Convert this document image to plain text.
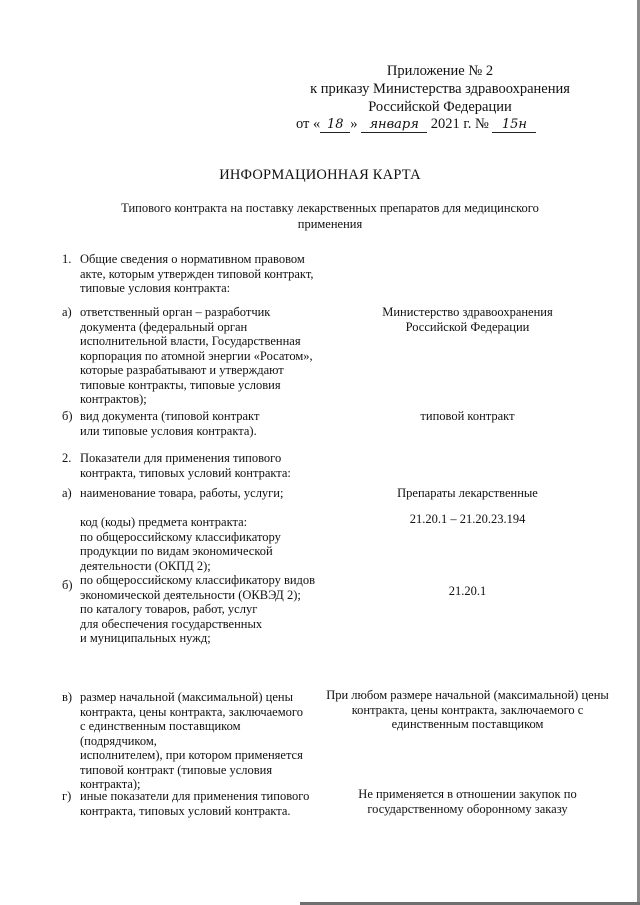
Приложение № 2
к приказу Министерства здравоохранения
Российской Федерации
от « 18 » января 2021 г. № 15н
ИНФОРМАЦИОННАЯ КАРТА
Типового контракта на поставку лекарственных препаратов для медицинского применения
1. Общие сведения о нормативном правовом
акте, которым утвержден типовой контракт,
типовые условия контракта:
а) ответственный орган – разработчик
документа (федеральный орган
исполнительной власти, Государственная
корпорация по атомной энергии «Росатом»,
которые разрабатывают и утверждают
типовые контракты, типовые условия
контрактов);
Министерство здравоохранения
Российской Федерации
б) вид документа (типовой контракт
или типовые условия контракта).
типовой контракт
2. Показатели для применения типового
контракта, типовых условий контракта:
а) наименование товара, работы, услуги;	Препараты лекарственные
б)
код (коды) предмета контракта:
по общероссийскому классификатору
продукции по видам экономической
деятельности (ОКПД 2);
по общероссийскому классификатору видов
экономической деятельности (ОКВЭД 2);
по каталогу товаров, работ, услуг
для обеспечения государственных
и муниципальных нужд;
21.20.1 – 21.20.23.194
21.20.1
в) размер начальной (максимальной) цены
контракта, цены контракта, заключаемого
с единственным поставщиком (подрядчиком,
исполнителем), при котором применяется
типовой контракт (типовые условия
контракта);
При любом размере начальной (максимальной) цены
контракта, цены контракта, заключаемого с
единственным поставщиком
г) иные показатели для применения типового
контракта, типовых условий контракта.
Не применяется в отношении закупок по
государственному оборонному заказу
